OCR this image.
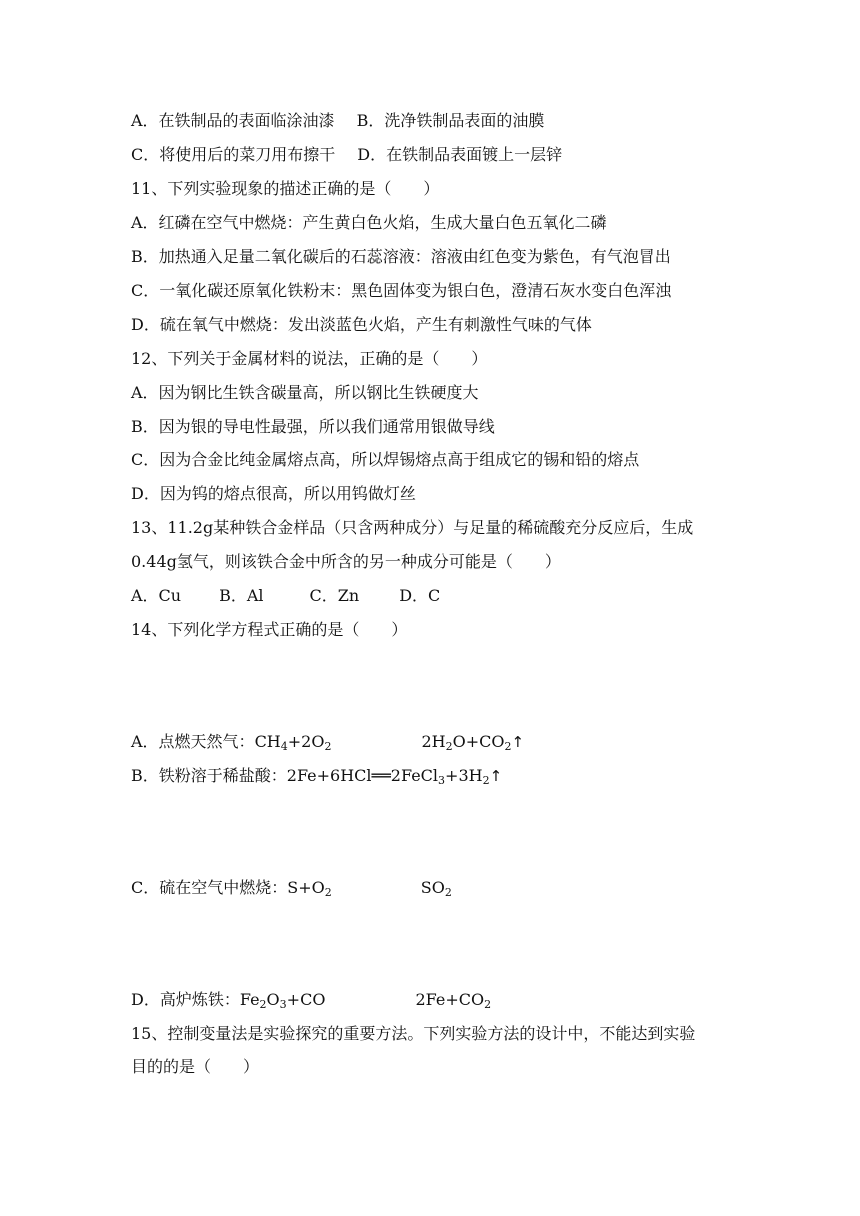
A．在铁制品的表面临涂油漆 B．洗净铁制品表面的油膜
C．将使用后的菜刀用布擦干 D．在铁制品表面镀上一层锌
11、下列实验现象的描述正确的是（　　）
A．红磷在空气中燃烧：产生黄白色火焰，生成大量白色五氧化二磷
B．加热通入足量二氧化碳后的石蕊溶液：溶液由红色变为紫色，有气泡冒出
C．一氧化碳还原氧化铁粉末：黑色固体变为银白色，澄清石灰水变白色浑浊
D．硫在氧气中燃烧：发出淡蓝色火焰，产生有刺激性气味的气体
12、下列关于金属材料的说法，正确的是（　　）
A．因为钢比生铁含碳量高，所以钢比生铁硬度大
B．因为银的导电性最强，所以我们通常用银做导线
C．因为合金比纯金属熔点高，所以焊锡熔点高于组成它的锡和铅的熔点
D．因为钨的熔点很高，所以用钨做灯丝
13、11.2g某种铁合金样品（只含两种成分）与足量的稀硫酸充分反应后，生成
0.44g氢气，则该铁合金中所含的另一种成分可能是（　　）
A．Cu B．Al	C．Zn	D．C
14、下列化学方程式正确的是（　　）
A．点燃天然气：$CH_4+2O_2$	$2H_2O+CO_2↑$
B．铁粉溶于稀盐酸：$2Fe+6HCl══2FeCl_3+3H_2↑$
C．硫在空气中燃烧：$S+O_2$	$SO_2$
D．高炉炼铁：$Fe_2O_3+CO$	$2Fe+CO_2$
15、控制变量法是实验探究的重要方法。下列实验方法的设计中，不能达到实验
目的的是（　　）
